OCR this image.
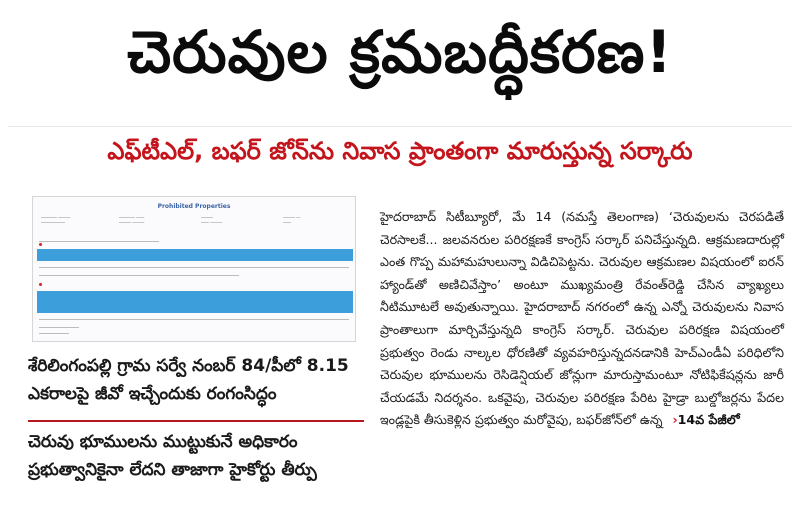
చెరువుల క్రమబద్ధీకరణ!
ఎఫ్‌టీఎల్, బఫర్ జోన్‌ను నివాస ప్రాంతంగా మారుస్తున్న సర్కారు
Prohibited Properties
―――― ―――
――――――
―――― ――
――― ―――
―――
―― ―――
――― ―
――
శేరిలింగంపల్లి గ్రామ సర్వే నంబర్ 84/పీలో 8.15 ఎకరాలపై జీవో ఇచ్చేందుకు రంగంసిద్ధం
చెరువు భూములను ముట్టుకునే అధికారం ప్రభుత్వానికైనా లేదని తాజాగా హైకోర్టు తీర్పు
హైదరాబాద్ సిటీబ్యూరో, మే 14 (నమస్తే తెలంగాణ) ‘చెరువులను చెరపడితే చెరసాలకే... జలవనరుల పరిరక్షణకే కాంగ్రెస్ సర్కార్ పనిచేస్తున్నది. ఆక్రమణదారుల్లో ఎంత గొప్ప మహామహులున్నా విడిచిపెట్టను. చెరువుల ఆక్రమణల విషయంలో ఐరన్ హ్యాండ్‌తో అణిచివేస్తాం’ అంటూ ముఖ్యమంత్రి రేవంత్‌రెడ్డి చేసిన వ్యాఖ్యలు నీటిమూటలే అవుతున్నాయి. హైదరాబాద్ నగరంలో ఉన్న ఎన్నో చెరువులను నివాస ప్రాంతాలుగా మార్చివేస్తున్నది కాంగ్రెస్ సర్కార్. చెరువుల పరిరక్షణ విషయంలో ప్రభుత్వం రెండు నాల్కల ధోరణితో వ్యవహరిస్తున్నదనడానికి హెచ్‌ఎండీఏ పరిధిలోని చెరువుల భూములను రెసిడెన్షియల్ జోన్లుగా మారుస్తామంటూ నోటిఫికేషన్లను జారీ చేయడమే నిదర్శనం. ఒకవైపు, చెరువుల పరిరక్షణ పేరిట హైడ్రా బుల్డోజర్లను పేదల ఇండ్లపైకి తీసుకెళ్లిన ప్రభుత్వం మరోవైపు, బఫర్‌జోన్‌లో ఉన్న ›14వ పేజీలో
